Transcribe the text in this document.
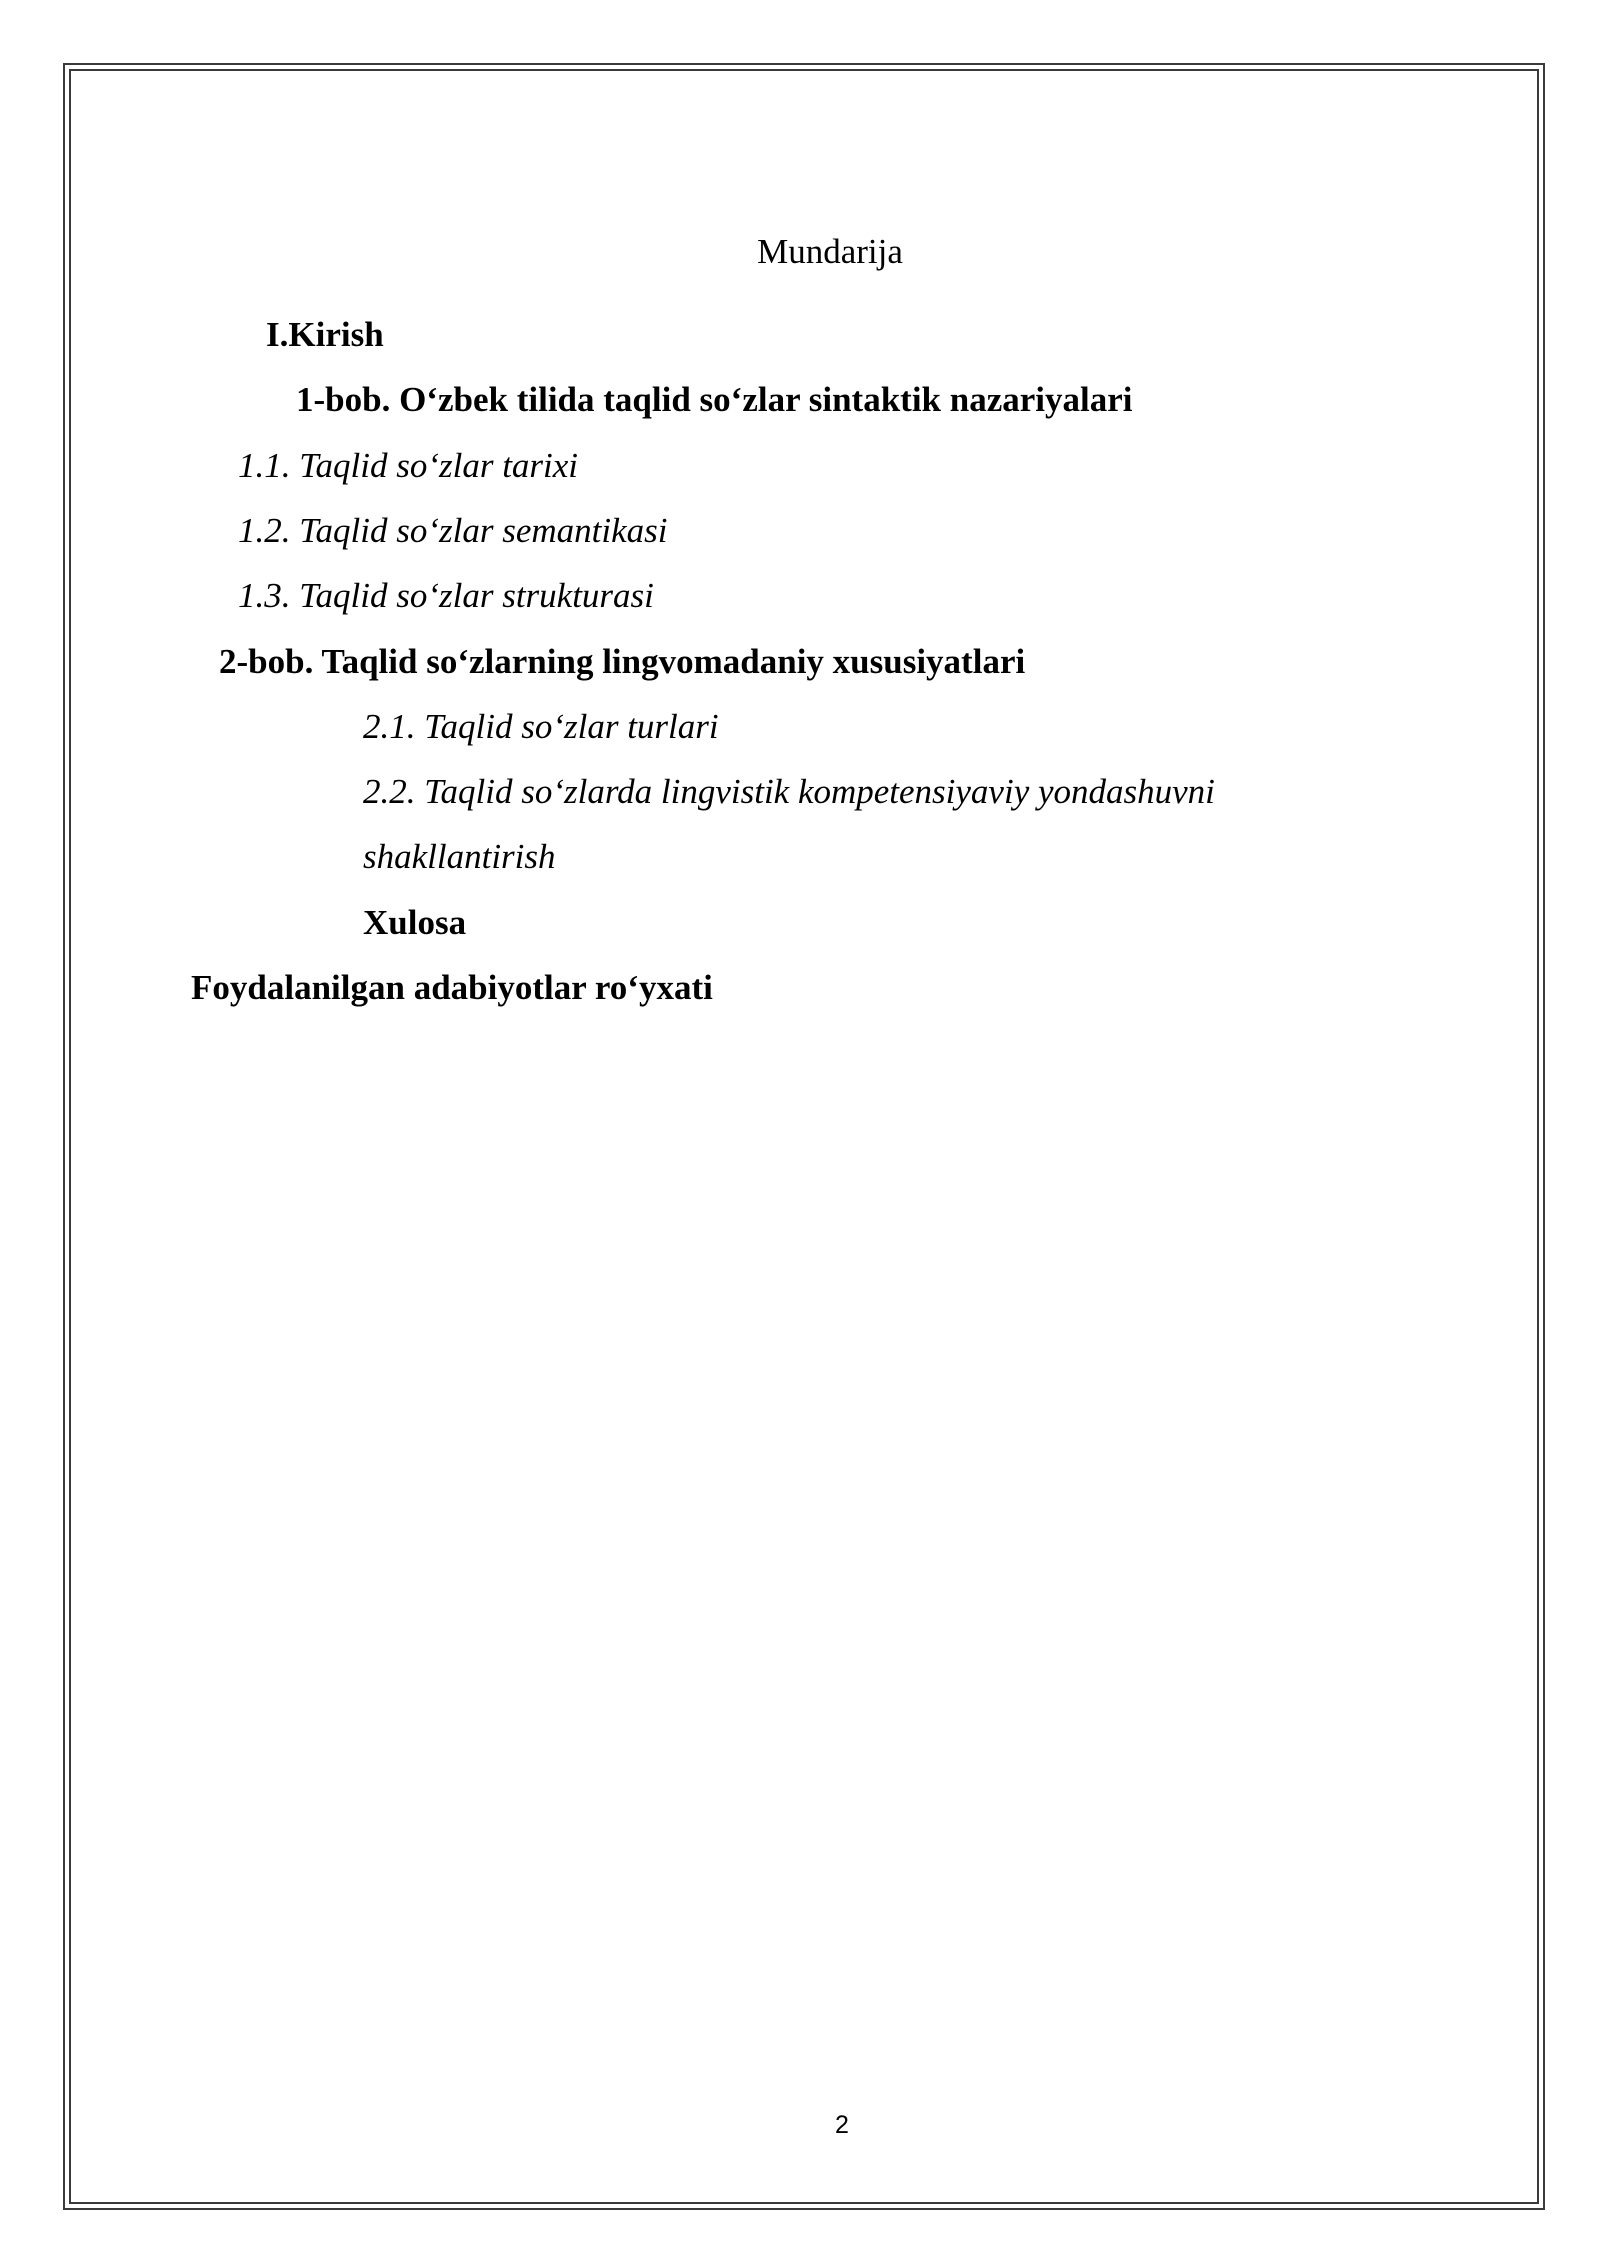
Mundarija
I.Kirish
1-bob. O‘zbek tilida taqlid so‘zlar sintaktik nazariyalari
1.1. Taqlid so‘zlar tarixi
1.2. Taqlid so‘zlar semantikasi
1.3. Taqlid so‘zlar strukturasi
2-bob. Taqlid so‘zlarning lingvomadaniy xususiyatlari
2.1. Taqlid so‘zlar turlari
2.2. Taqlid so‘zlarda lingvistik kompetensiyaviy yondashuvni
shakllantirish
Xulosa
Foydalanilgan adabiyotlar ro‘yxati
2
